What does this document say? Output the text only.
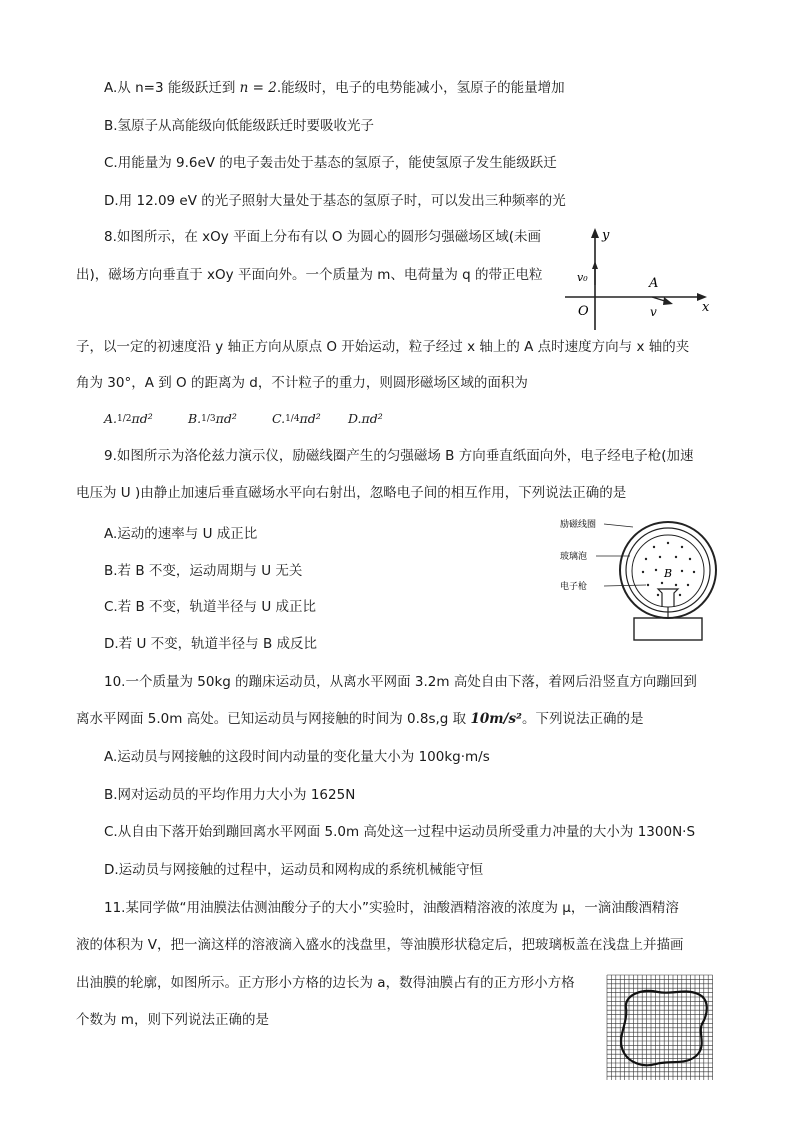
A.从 n=3 能级跃迁到 n = 2.能级时，电子的电势能减小，氢原子的能量增加
B.氢原子从高能级向低能级跃迁时要吸收光子
C.用能量为 9.6eV 的电子轰击处于基态的氢原子，能使氢原子发生能级跃迁
D.用 12.09 eV 的光子照射大量处于基态的氢原子时，可以发出三种频率的光
8.如图所示，在 xOy 平面上分布有以 O 为圆心的圆形匀强磁场区域(未画
出)，磁场方向垂直于 xOy 平面向外。一个质量为 m、电荷量为 q 的带正电粒
子，以一定的初速度沿 y 轴正方向从原点 O 开始运动，粒子经过 x 轴上的 A 点时速度方向与 x 轴的夹
角为 30°，A 到 O 的距离为 d，不计粒子的重力，则圆形磁场区域的面积为
A.1/2πd²	B.1/3πd²	C.1/4πd² D.πd²
y
x
O
v₀	A
v
9.如图所示为洛伦兹力演示仪，励磁线圈产生的匀强磁场 B 方向垂直纸面向外，电子经电子枪(加速
电压为 U )由静止加速后垂直磁场水平向右射出，忽略电子间的相互作用，下列说法正确的是
A.运动的速率与 U 成正比
B.若 B 不变，运动周期与 U 无关
C.若 B 不变，轨道半径与 U 成正比
D.若 U 不变，轨道半径与 B 成反比
励磁线圈
玻璃泡
电子枪
B
10.一个质量为 50kg 的蹦床运动员，从离水平网面 3.2m 高处自由下落，着网后沿竖直方向蹦回到
离水平网面 5.0m 高处。已知运动员与网接触的时间为 0.8s,g 取 10m/s²。下列说法正确的是
A.运动员与网接触的这段时间内动量的变化量大小为 100kg·m/s
B.网对运动员的平均作用力大小为 1625N
C.从自由下落开始到蹦回离水平网面 5.0m 高处这一过程中运动员所受重力冲量的大小为 1300N·S
D.运动员与网接触的过程中，运动员和网构成的系统机械能守恒
11.某同学做“用油膜法估测油酸分子的大小”实验时，油酸酒精溶液的浓度为 μ，一滴油酸酒精溶
液的体积为 V，把一滴这样的溶液滴入盛水的浅盘里，等油膜形状稳定后，把玻璃板盖在浅盘上并描画
出油膜的轮廓，如图所示。正方形小方格的边长为 a，数得油膜占有的正方形小方格
个数为 m，则下列说法正确的是
